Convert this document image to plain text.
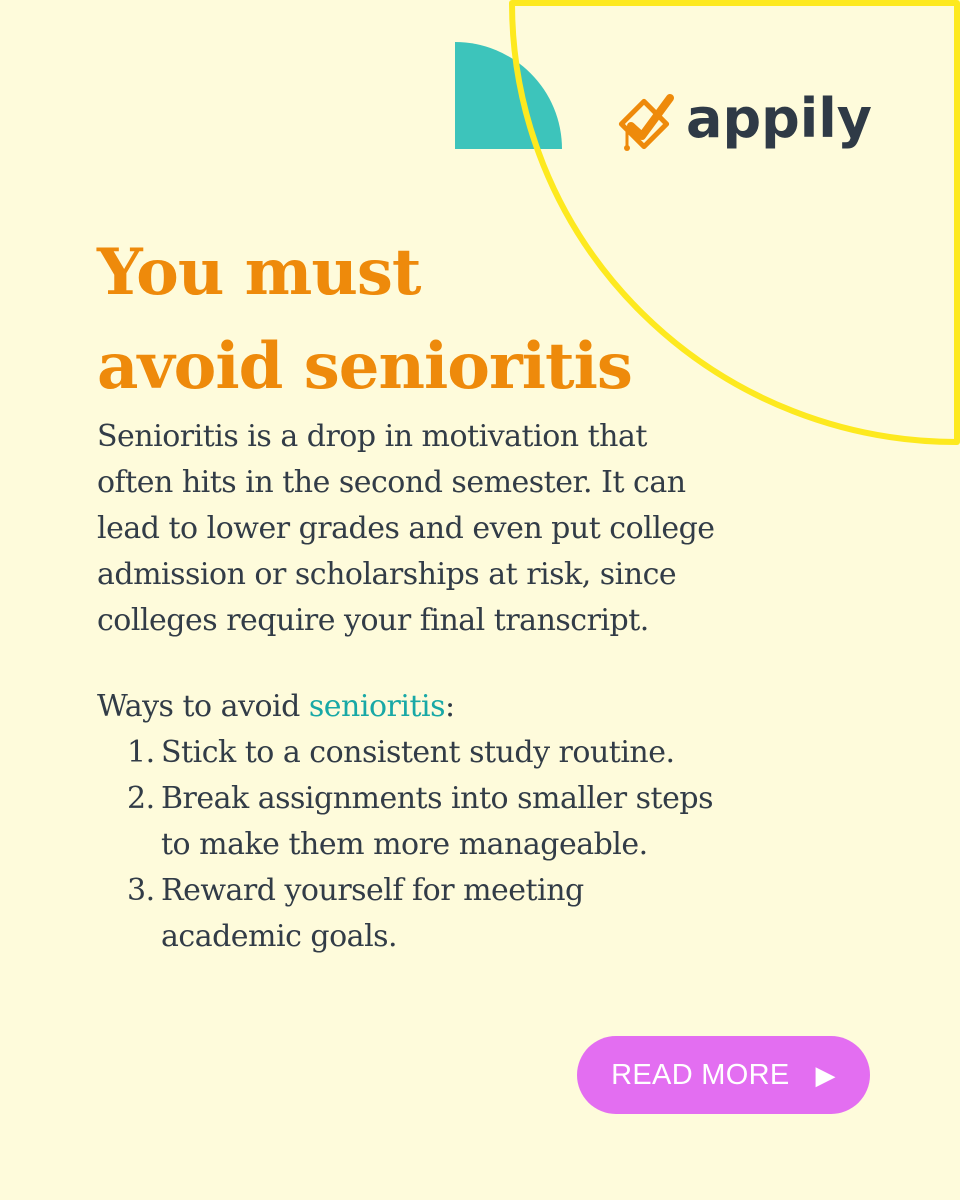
appily
You must
avoid senioritis

Senioritis is a drop in motivation that
often hits in the second semester. It can
lead to lower grades and even put college
admission or scholarships at risk, since
colleges require your final transcript.

Ways to avoid senioritis:
1. Stick to a consistent study routine.
2. Break assignments into smaller steps
to make them more manageable.
3. Reward yourself for meeting
academic goals.
READ MORE ▶
